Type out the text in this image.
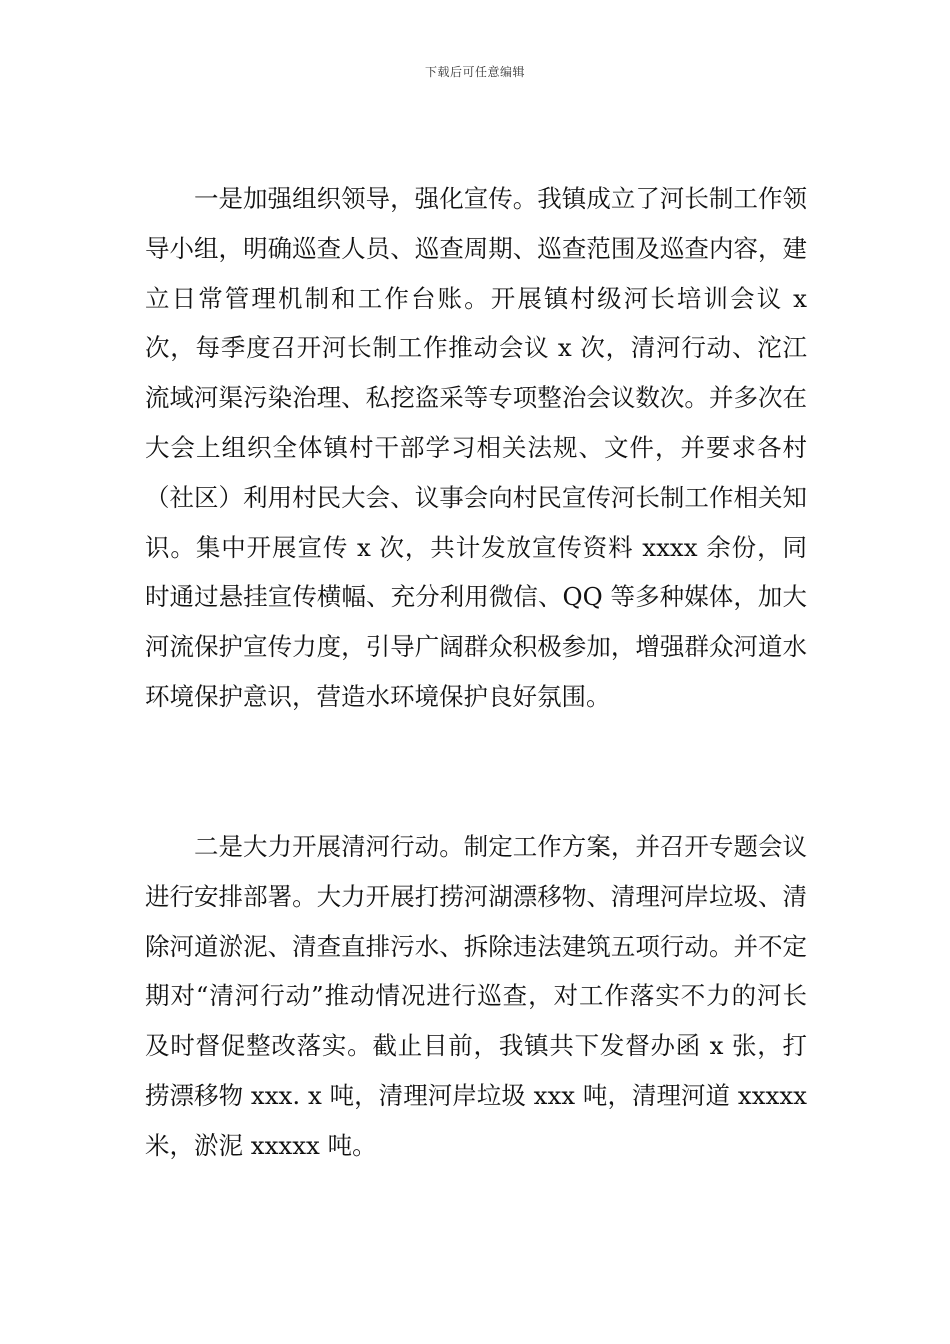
下载后可任意编辑

一是加强组织领导，强化宣传。我镇成立了河长制工作领导小组，明确巡查人员、巡查周期、巡查范围及巡查内容，建立日常管理机制和工作台账。开展镇村级河长培训会议 x 次，每季度召开河长制工作推动会议 x 次，清河行动、沱江流域河渠污染治理、私挖盗采等专项整治会议数次。并多次在大会上组织全体镇村干部学习相关法规、文件，并要求各村（社区）利用村民大会、议事会向村民宣传河长制工作相关知识。集中开展宣传 x 次，共计发放宣传资料 xxxx 余份，同时通过悬挂宣传横幅、充分利用微信、QQ 等多种媒体，加大河流保护宣传力度，引导广阔群众积极参加，增强群众河道水环境保护意识，营造水环境保护良好氛围。

二是大力开展清河行动。制定工作方案，并召开专题会议进行安排部署。大力开展打捞河湖漂移物、清理河岸垃圾、清除河道淤泥、清查直排污水、拆除违法建筑五项行动。并不定期对“清河行动”推动情况进行巡查，对工作落实不力的河长及时督促整改落实。截止目前，我镇共下发督办函 x 张，打捞漂移物 xxx. x 吨，清理河岸垃圾 xxx 吨，清理河道 xxxxx 米，淤泥 xxxxx 吨。
